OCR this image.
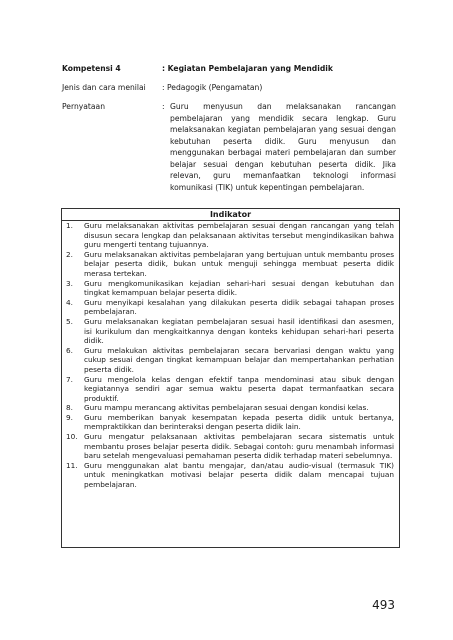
Kompetensi 4	: Kegiatan Pembelajaran yang Mendidik
Jenis dan cara menilai	: Pedagogik (Pengamatan)
Pernyataan	: Guru menyusun dan melaksanakan rancangan pembelajaran yang mendidik secara lengkap. Guru melaksanakan kegiatan pembelajaran yang sesuai dengan kebutuhan peserta didik. Guru menyusun dan menggunakan berbagai materi pembelajaran dan sumber belajar sesuai dengan kebutuhan peserta didik. Jika relevan, guru memanfaatkan teknologi informasi komunikasi (TIK) untuk kepentingan pembelajaran.
Indikator
1. Guru melaksanakan aktivitas pembelajaran sesuai dengan rancangan yang telah disusun secara lengkap dan pelaksanaan aktivitas tersebut mengindikasikan bahwa guru mengerti tentang tujuannya.
2. Guru melaksanakan aktivitas pembelajaran yang bertujuan untuk membantu proses belajar peserta didik, bukan untuk menguji sehingga membuat peserta didik merasa tertekan.
3. Guru mengkomunikasikan kejadian sehari-hari sesuai dengan kebutuhan dan tingkat kemampuan belajar peserta didik.
4. Guru menyikapi kesalahan yang dilakukan peserta didik sebagai tahapan proses pembelajaran.
5. Guru melaksanakan kegiatan pembelajaran sesuai hasil identifikasi dan asesmen, isi kurikulum dan mengkaitkannya dengan konteks kehidupan sehari-hari peserta didik.
6. Guru melakukan aktivitas pembelajaran secara bervariasi dengan waktu yang cukup sesuai dengan tingkat kemampuan belajar dan mempertahankan perhatian peserta didik.
7. Guru mengelola kelas dengan efektif tanpa mendominasi atau sibuk dengan kegiatannya sendiri agar semua waktu peserta dapat termanfaatkan secara produktif.
8. Guru mampu merancang aktivitas pembelajaran sesuai dengan kondisi kelas.
9. Guru memberikan banyak kesempatan kepada peserta didik untuk bertanya, mempraktikkan dan berinteraksi dengan peserta didik lain.
10. Guru mengatur pelaksanaan aktivitas pembelajaran secara sistematis untuk membantu proses belajar peserta didik. Sebagai contoh: guru menambah informasi baru setelah mengevaluasi pemahaman peserta didik terhadap materi sebelumnya.
11. Guru menggunakan alat bantu mengajar, dan/atau audio-visual (termasuk TIK) untuk meningkatkan motivasi belajar peserta didik dalam mencapai tujuan pembelajaran.
493
